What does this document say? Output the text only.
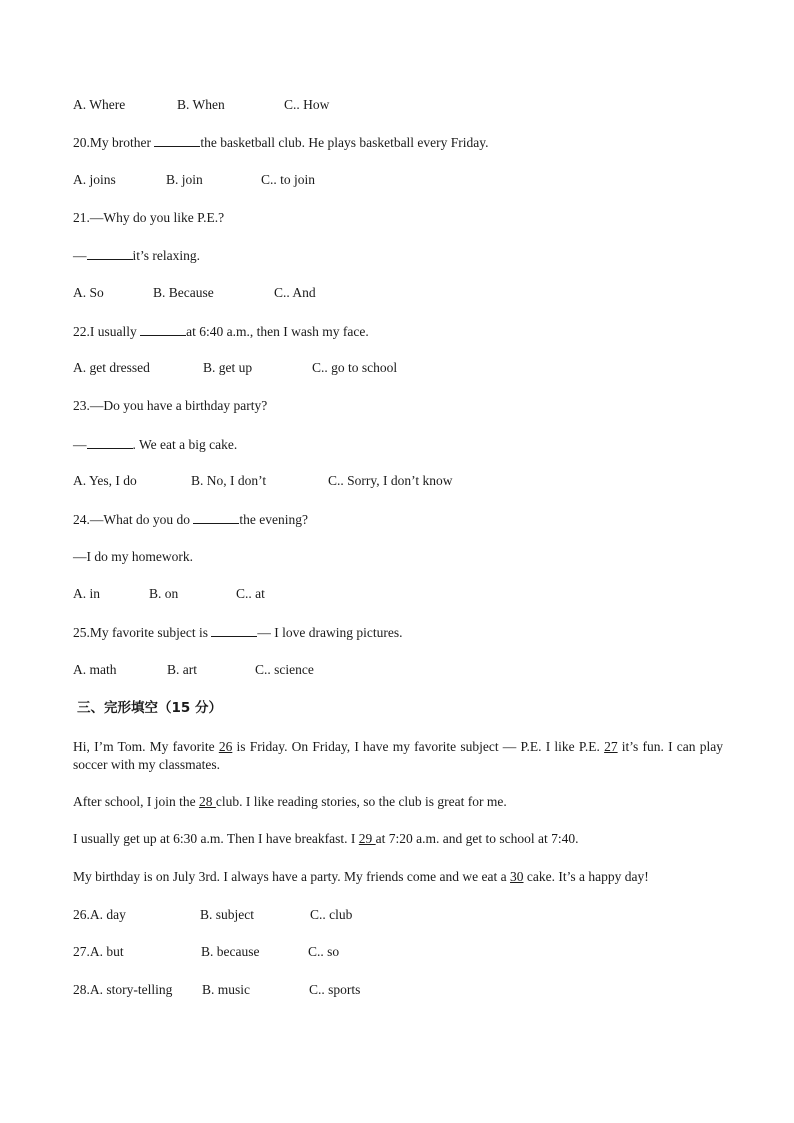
A. Where	B. When	C.. How
20.My brother	the basketball club. He plays basketball every Friday.
A. joins	B. join	C.. to join
21.—Why do you like P.E.?
—	it’s relaxing.
A. So	B. Because	C.. And
22.I usually	at 6:40 a.m., then I wash my face.
A. get dressed	B. get up	C.. go to school
23.—Do you have a birthday party?
—	. We eat a big cake.
A. Yes, I do	B. No, I don’t	C.. Sorry, I don’t know
24.—What do you do	the evening?
—I do my homework.
A. in	B. on	C.. at
25.My favorite subject is	— I love drawing pictures.
A. math	B. art	C.. science
三、完形填空（15 分）
Hi, I’m Tom. My favorite 26 is Friday. On Friday, I have my favorite subject — P.E. I like P.E. 27 it’s fun. I can play soccer with my classmates.
After school, I join the 28 club. I like reading stories, so the club is great for me.
I usually get up at 6:30 a.m. Then I have breakfast. I 29 at 7:20 a.m. and get to school at 7:40.
My birthday is on July 3rd. I always have a party. My friends come and we eat a 30 cake. It’s a happy day!
26.A. day	B. subject	C.. club
27.A. but	B. because	C.. so
28.A. story-telling B. music	C.. sports
